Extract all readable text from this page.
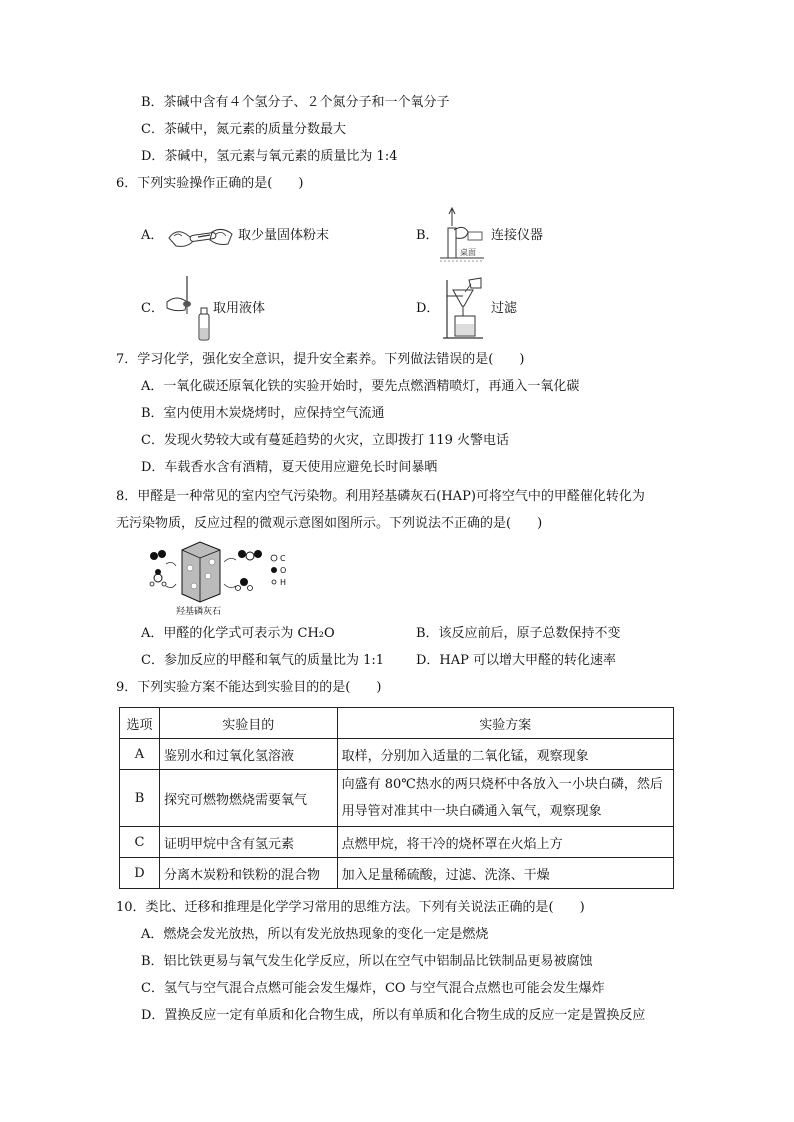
B．茶碱中含有４个氢分子、２个氮分子和一个氧分子
C．茶碱中，氮元素的质量分数最大
D．茶碱中，氢元素与氧元素的质量比为 1:4
6．下列实验操作正确的是(　　)
A．	取少量固体粉末	B．
桌面
连接仪器
C．	取用液体	D．	过滤
7．学习化学，强化安全意识，提升安全素养。下列做法错误的是(　　)
A．一氧化碳还原氧化铁的实验开始时，要先点燃酒精喷灯，再通入一氧化碳
B．室内使用木炭烧烤时，应保持空气流通
C．发现火势较大或有蔓延趋势的火灾，立即拨打 119 火警电话
D．车载香水含有酒精，夏天使用应避免长时间暴晒
8．甲醛是一种常见的室内空气污染物。利用羟基磷灰石(HAP)可将空气中的甲醛催化转化为
无污染物质，反应过程的微观示意图如图所示。下列说法不正确的是(　　)
C
O
H
羟基磷灰石
A．甲醛的化学式可表示为 CH₂O	B．该反应前后，原子总数保持不变
C．参加反应的甲醛和氧气的质量比为 1:1 D．HAP 可以增大甲醛的转化速率
9．下列实验方案不能达到实验目的的是(　　)
选项	实验目的	实验方案
A	鉴别水和过氧化氢溶液	取样，分别加入适量的二氧化锰，观察现象
B	探究可燃物燃烧需要氧气	向盛有 80℃热水的两只烧杯中各放入一小块白磷，然后
用导管对准其中一块白磷通入氧气，观察现象

C	证明甲烷中含有氢元素	点燃甲烷，将干冷的烧杯罩在火焰上方
D	分离木炭粉和铁粉的混合物	加入足量稀硫酸，过滤、洗涤、干燥
10．类比、迁移和推理是化学学习常用的思维方法。下列有关说法正确的是(　　)
A．燃烧会发光放热，所以有发光放热现象的变化一定是燃烧
B．铝比铁更易与氧气发生化学反应，所以在空气中铝制品比铁制品更易被腐蚀
C．氢气与空气混合点燃可能会发生爆炸，CO 与空气混合点燃也可能会发生爆炸
D．置换反应一定有单质和化合物生成，所以有单质和化合物生成的反应一定是置换反应
